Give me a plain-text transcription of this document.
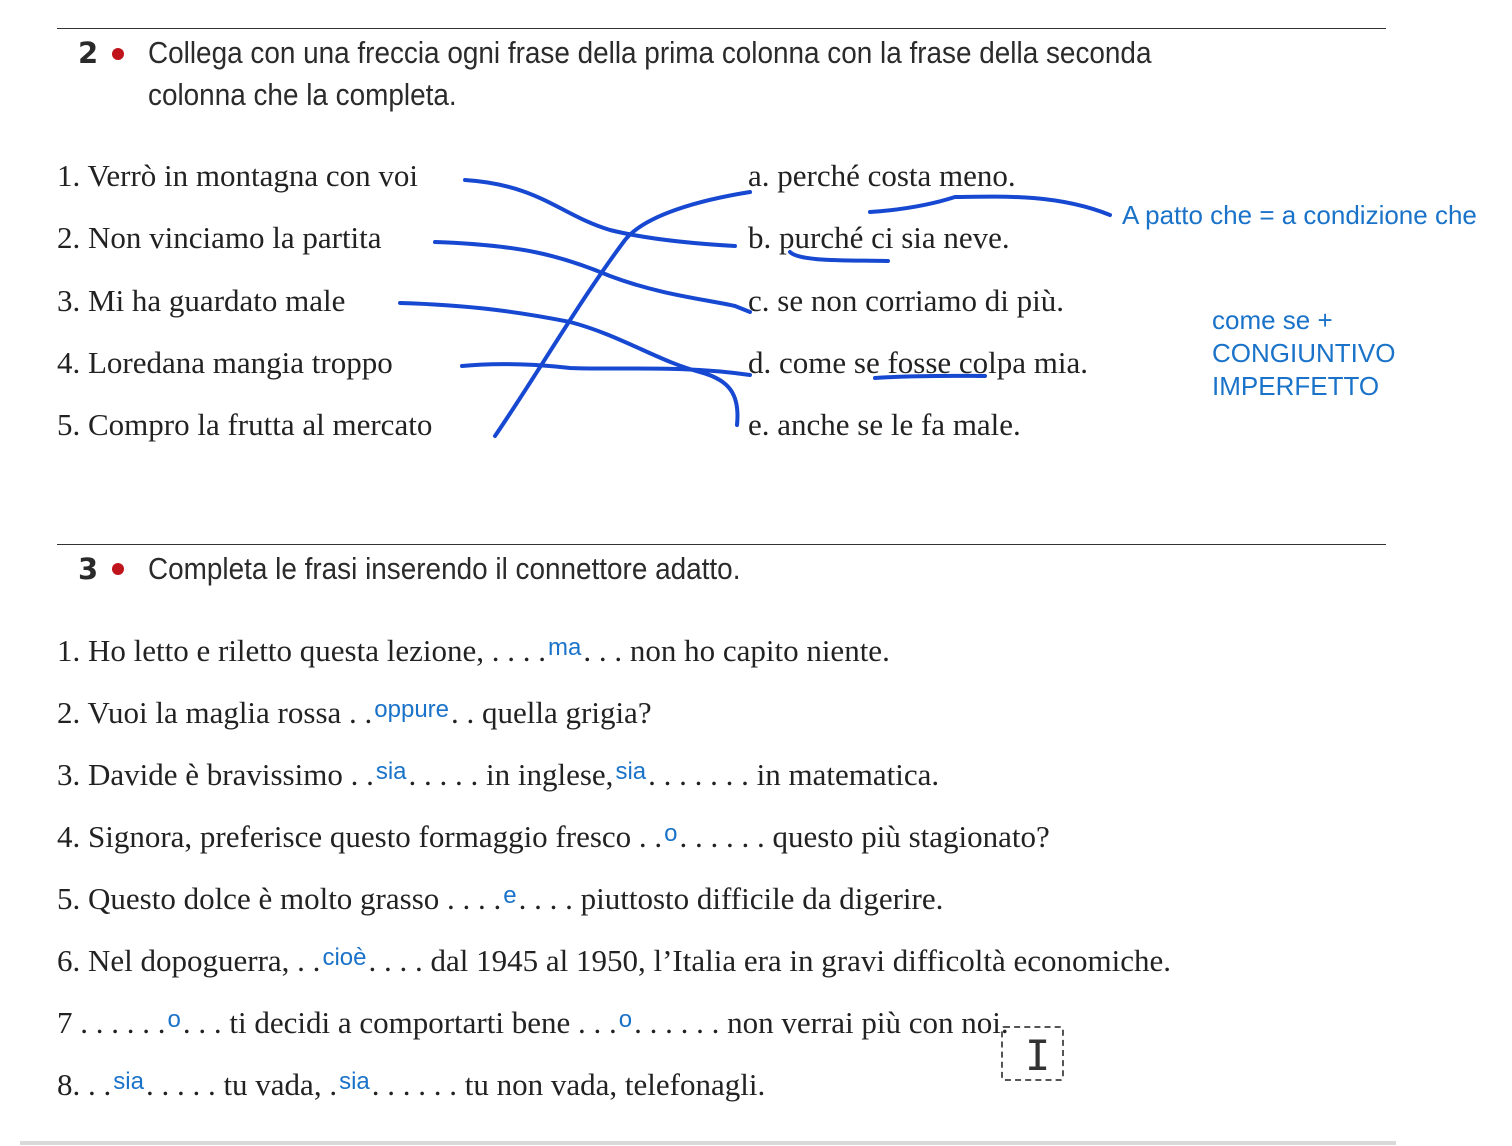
2 Collega con una freccia ogni frase della prima colonna con la frase della seconda colonna che la completa.
1. Verrò in montagna con voi
2. Non vinciamo la partita
3. Mi ha guardato male
4. Loredana mangia troppo
5. Compro la frutta al mercato
a. perché costa meno.
b. purché ci sia neve.
c. se non corriamo di più.
d. come se fosse colpa mia.
e. anche se le fa male.
A patto che = a condizione che
come se +
CONGIUNTIVO
IMPERFETTO
3 Completa le frasi inserendo il connettore adatto.
1. Ho letto e riletto questa lezione, . . . .ma. . . non ho capito niente.
2. Vuoi la maglia rossa . .oppure. . quella grigia?
3. Davide è bravissimo . .sia. . . . . in inglese,sia. . . . . . . in matematica.
4. Signora, preferisce questo formaggio fresco . .o. . . . . . questo più stagionato?
5. Questo dolce è molto grasso . . . .e. . . . piuttosto difficile da digerire.
6. Nel dopoguerra, . .cioè. . . . dal 1945 al 1950, l’Italia era in gravi difficoltà economiche.
7 . . . . . .o. . . ti decidi a comportarti bene . . .o. . . . . . non verrai più con noi.
8. . .sia. . . . . tu vada, .sia. . . . . . tu non vada, telefonagli.
I
